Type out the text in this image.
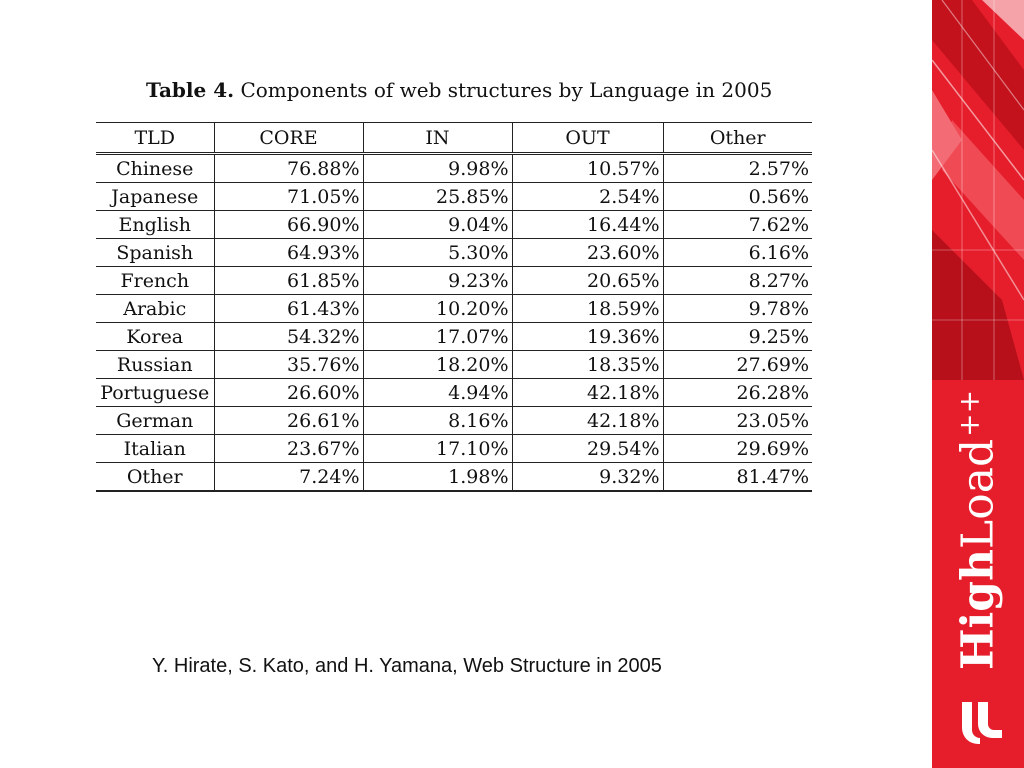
Table 4. Components of web structures by Language in 2005
TLD	CORE	IN	OUT	Other
Chinese	76.88%	9.98%	10.57%	2.57%
Japanese	71.05%	25.85%	2.54%	0.56%
English	66.90%	9.04%	16.44%	7.62%
Spanish	64.93%	5.30%	23.60%	6.16%
French	61.85%	9.23%	20.65%	8.27%
Arabic	61.43%	10.20%	18.59%	9.78%
Korea	54.32%	17.07%	19.36%	9.25%
Russian	35.76%	18.20%	18.35%	27.69%
Portuguese	26.60%	4.94%	42.18%	26.28%
German	26.61%	8.16%	42.18%	23.05%
Italian	23.67%	17.10%	29.54%	29.69%
Other	7.24%	1.98%	9.32%	81.47%
Y. Hirate, S. Kato, and H. Yamana, Web Structure in 2005	HighLoad++
